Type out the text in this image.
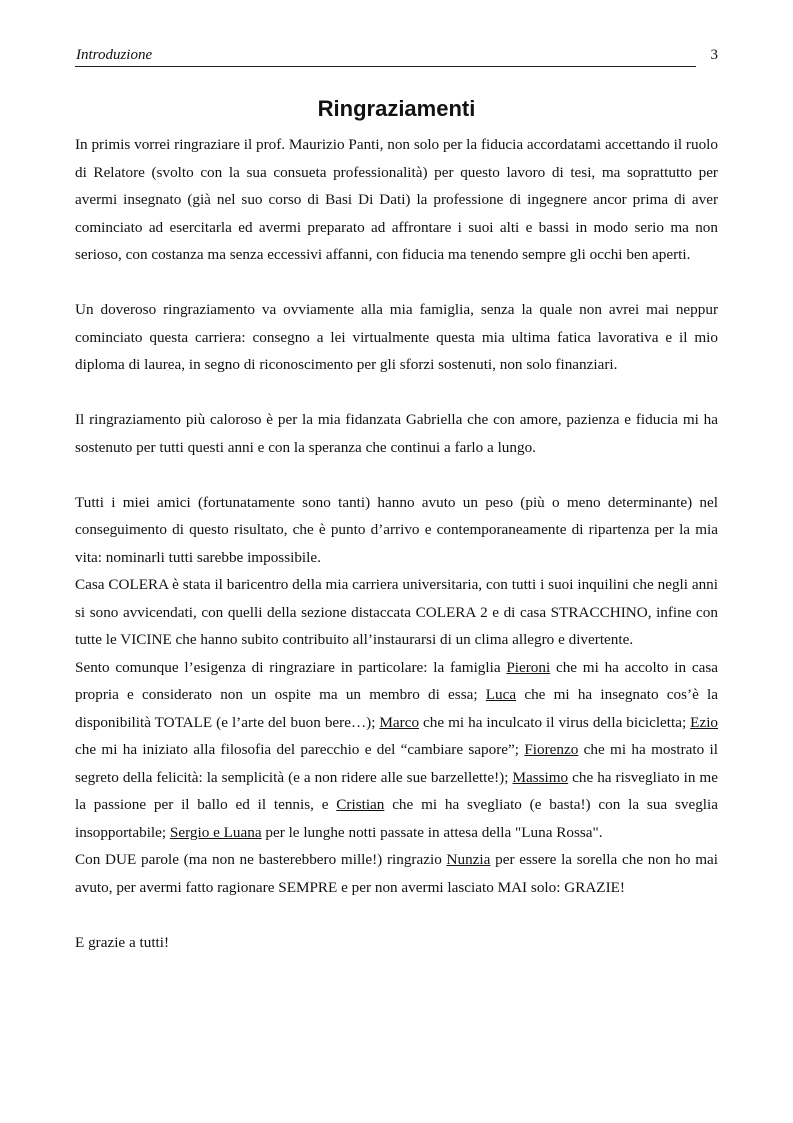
Introduzione	3
Ringraziamenti

In primis vorrei ringraziare il prof. Maurizio Panti, non solo per la fiducia accordatami accettando il ruolo di Relatore (svolto con la sua consueta professionalità) per questo lavoro di tesi, ma soprattutto per avermi insegnato (già nel suo corso di Basi Di Dati) la professione di ingegnere ancor prima di aver cominciato ad esercitarla ed avermi preparato ad affrontare i suoi alti e bassi in modo serio ma non serioso, con costanza ma senza eccessivi affanni, con fiducia ma tenendo sempre gli occhi ben aperti.

Un doveroso ringraziamento va ovviamente alla mia famiglia, senza la quale non avrei mai neppur cominciato questa carriera: consegno a lei virtualmente questa mia ultima fatica lavorativa e il mio diploma di laurea, in segno di riconoscimento per gli sforzi sostenuti, non solo finanziari.

Il ringraziamento più caloroso è per la mia fidanzata Gabriella che con amore, pazienza e fiducia mi ha sostenuto per tutti questi anni e con la speranza che continui a farlo a lungo.

Tutti i miei amici (fortunatamente sono tanti) hanno avuto un peso (più o meno determinante) nel conseguimento di questo risultato, che è punto d’arrivo e contemporaneamente di ripartenza per la mia vita: nominarli tutti sarebbe impossibile.

Casa COLERA è stata il baricentro della mia carriera universitaria, con tutti i suoi inquilini che negli anni si sono avvicendati, con quelli della sezione distaccata COLERA 2 e di casa STRACCHINO, infine con tutte le VICINE che hanno subito contribuito all’instaurarsi di un clima allegro e divertente.

Sento comunque l’esigenza di ringraziare in particolare: la famiglia Pieroni che mi ha accolto in casa propria e considerato non un ospite ma un membro di essa; Luca che mi ha insegnato cos’è la disponibilità TOTALE (e l’arte del buon bere…); Marco che mi ha inculcato il virus della bicicletta; Ezio che mi ha iniziato alla filosofia del parecchio e del “cambiare sapore”; Fiorenzo che mi ha mostrato il segreto della felicità: la semplicità (e a non ridere alle sue barzellette!); Massimo che ha risvegliato in me la passione per il ballo ed il tennis, e Cristian che mi ha svegliato (e basta!) con la sua sveglia insopportabile; Sergio e Luana per le lunghe notti passate in attesa della "Luna Rossa".

Con DUE parole (ma non ne basterebbero mille!) ringrazio Nunzia per essere la sorella che non ho mai avuto, per avermi fatto ragionare SEMPRE e per non avermi lasciato MAI solo: GRAZIE!

E grazie a tutti!
